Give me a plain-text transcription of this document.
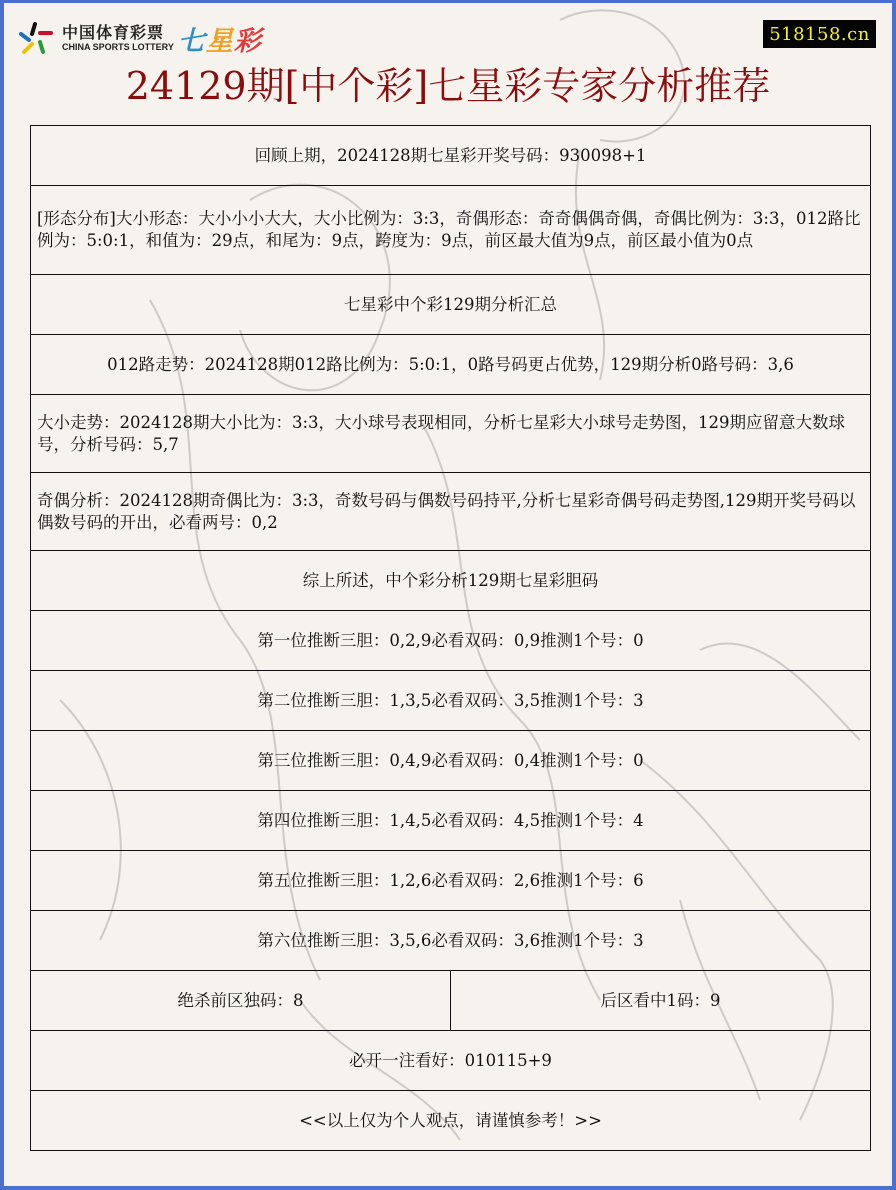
中国体育彩票
CHINA SPORTS LOTTERY 七星彩	518158.cn
24129期[中个彩]七星彩专家分析推荐
回顾上期，2024128期七星彩开奖号码：930098+1
[形态分布]大小形态：大小小小大大，大小比例为：3:3，奇偶形态：奇奇偶偶奇偶，奇偶比例为：3:3，012路比例为：5:0:1，和值为：29点，和尾为：9点，跨度为：9点，前区最大值为9点，前区最小值为0点
七星彩中个彩129期分析汇总
012路走势：2024128期012路比例为：5:0:1，0路号码更占优势，129期分析0路号码：3,6
大小走势：2024128期大小比为：3:3，大小球号表现相同，分析七星彩大小球号走势图，129期应留意大数球号，分析号码：5,7
奇偶分析：2024128期奇偶比为：3:3，奇数号码与偶数号码持平,分析七星彩奇偶号码走势图,129期开奖号码以偶数号码的开出，必看两号：0,2
综上所述，中个彩分析129期七星彩胆码
第一位推断三胆：0,2,9必看双码：0,9推测1个号：0
第二位推断三胆：1,3,5必看双码：3,5推测1个号：3
第三位推断三胆：0,4,9必看双码：0,4推测1个号：0
第四位推断三胆：1,4,5必看双码：4,5推测1个号：4
第五位推断三胆：1,2,6必看双码：2,6推测1个号：6
第六位推断三胆：3,5,6必看双码：3,6推测1个号：3
绝杀前区独码：8	后区看中1码：9
必开一注看好：010115+9
<<以上仅为个人观点，请谨慎参考！>>
